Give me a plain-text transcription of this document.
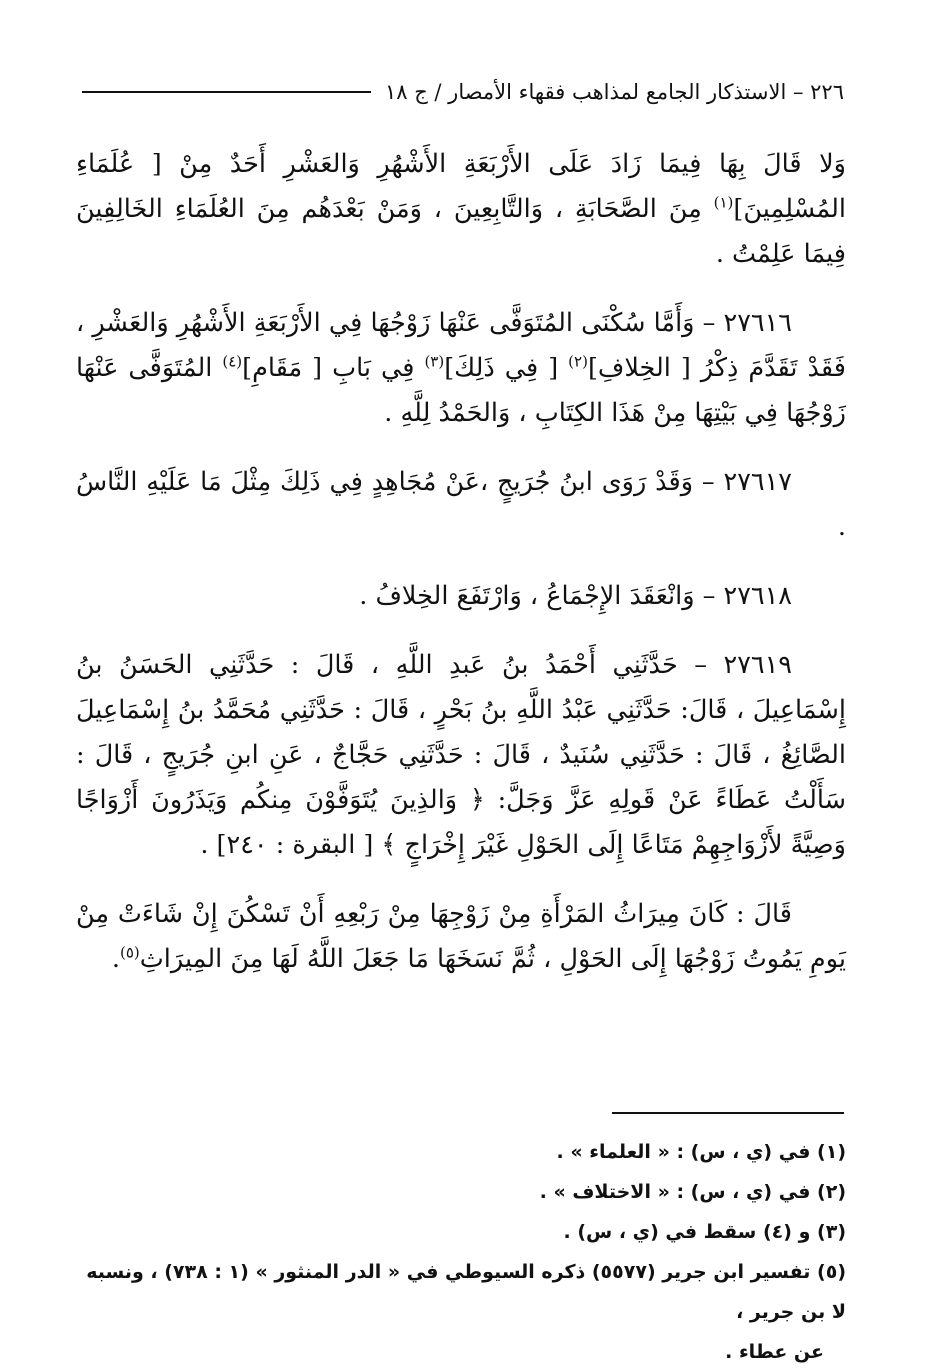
٢٢٦ – الاستذكار الجامع لمذاهب فقهاء الأمصار / ج ١٨

وَلا قَالَ بِهَا فِيمَا زَادَ عَلَى الأَرْبَعَةِ الأَشْهُرِ وَالعَشْرِ أَحَدٌ مِنْ [ عُلَمَاءِ المُسْلِمِينَ]$^{(١)}$ مِنَ الصَّحَابَةِ ، وَالتَّابِعِينَ ، وَمَنْ بَعْدَهُم مِنَ العُلَمَاءِ الخَالِفِينَ فِيمَا عَلِمْتُ .

٢٧٦١٦ – وَأَمَّا سُكْنَى المُتَوَفَّى عَنْهَا زَوْجُهَا فِي الأَرْبَعَةِ الأَشْهُرِ وَالعَشْرِ ، فَقَدْ تَقَدَّمَ ذِكْرُ [ الخِلافِ]$^{(٢)}$ [ فِي ذَلِكَ]$^{(٣)}$ فِي بَابِ [ مَقَامِ]$^{(٤)}$ المُتَوَفَّى عَنْهَا زَوْجُهَا فِي بَيْتِهَا مِنْ هَذَا الكِتَابِ ، وَالحَمْدُ لِلَّهِ .

٢٧٦١٧ – وَقَدْ رَوَى ابنُ جُرَيجٍ ،عَنْ مُجَاهِدٍ فِي ذَلِكَ مِثْلَ مَا عَلَيْهِ النَّاسُ .

٢٧٦١٨ – وَانْعَقَدَ الإِجْمَاعُ ، وَارْتَفَعَ الخِلافُ .

٢٧٦١٩ – حَدَّثَنِي أَحْمَدُ بنُ عَبدِ اللَّهِ ، قَالَ : حَدَّثَنِي الحَسَنُ بنُ إِسْمَاعِيلَ ، قَالَ: حَدَّثَنِي عَبْدُ اللَّهِ بنُ بَحْرٍ ، قَالَ : حَدَّثَنِي مُحَمَّدُ بنُ إِسْمَاعِيلَ الصَّائِغُ ، قَالَ : حَدَّثَنِي سُنَيدٌ ، قَالَ : حَدَّثَنِي حَجَّاجٌ ، عَنِ ابنِ جُرَيجٍ ، قَالَ : سَأَلْتُ عَطَاءً عَنْ قَولِهِ عَزَّ وَجَلَّ: ﴿ وَالذِينَ يُتَوَفَّوْنَ مِنكُم وَيَذَرُونَ أَزْوَاجًا وَصِيَّةً لأَزْوَاجِهِمْ مَتَاعًا إِلَى الحَوْلِ غَيْرَ إِخْرَاجٍ ﴾ [ البقرة : ٢٤٠] .

قَالَ : كَانَ مِيرَاثُ المَرْأَةِ مِنْ زَوْجِهَا مِنْ رَبْعِهِ أَنْ تَسْكُنَ إِنْ شَاءَتْ مِنْ يَومِ يَمُوتُ زَوْجُهَا إِلَى الحَوْلِ ، ثُمَّ نَسَخَهَا مَا جَعَلَ اللَّهُ لَهَا مِنَ المِيرَاثِ$^{(٥)}$.

(١) في (ي ، س) : « العلماء » .

(٢) في (ي ، س) : « الاختلاف » .

(٣) و (٤) سقط في (ي ، س) .

(٥) تفسير ابن جرير (٥٥٧٧) ذكره السيوطي في « الدر المنثور » (١ : ٧٣٨) ، ونسبه لا بن جرير ،

عن عطاء .
